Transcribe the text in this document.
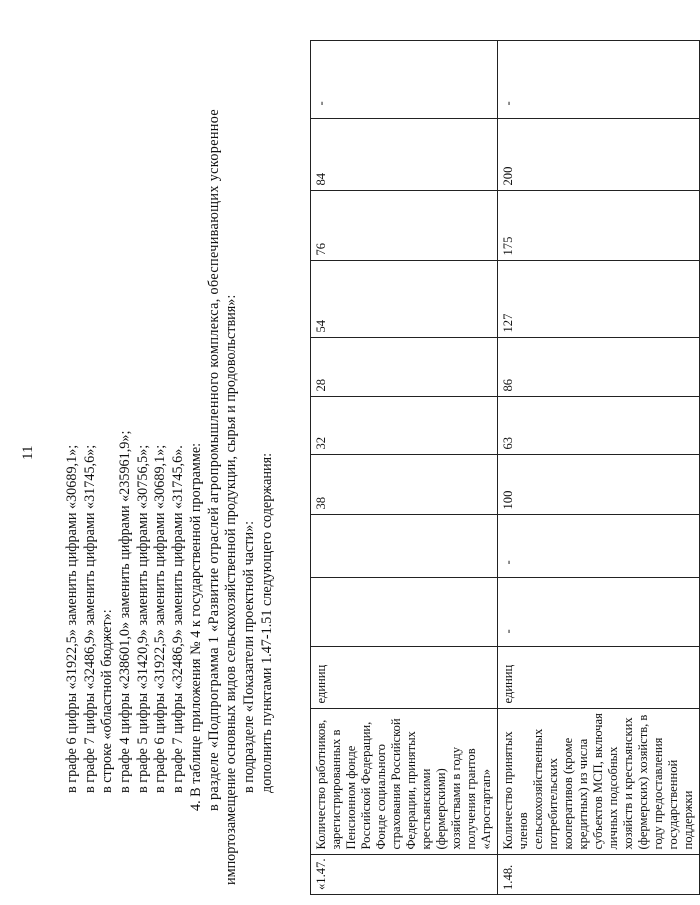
11 в графе 6 цифры «31922,5» заменить цифрами «30689,1»; в графе 7 цифры «32486,9» заменить цифрами «31745,6»; в строке «областной бюджет»: в графе 4 цифры «238601,0» заменить цифрами «235961,9»; в графе 5 цифры «31420,9» заменить цифрами «30756,5»; в графе 6 цифры «31922,5» заменить цифрами «30689,1»; в графе 7 цифры «32486,9» заменить цифрами «31745,6». 4. В таблице приложения № 4 к государственной программе: в разделе «Подпрограмма 1 «Развитие отраслей агропромышленного комплекса, обеспечивающих ускоренное импортозамещение основных видов сельскохозяйственной продукции, сырья и продовольствия»: в подразделе «Показатели проектной части»: дополнить пунктами 1.47-1.51 следующего содержания:
«1.47.	Количество работников, зарегистрированных в Пенсионном фонде Российской Федерации, Фонде социального страхования Российской Федерации, принятых крестьянскими (фермерскими) хозяйствами в году получения грантов «Агростартап»	единиц			38	32	28	54	76	84	-
1.48.	Количество принятых членов сельскохозяйственных потребительских кооперативов (кроме кредитных) из числа субъектов МСП, включая личных подсобных хозяйств и крестьянских (фермерских) хозяйств, в году предоставления государственной поддержки	единиц	-	-	100	63	86	127	175	200	-
